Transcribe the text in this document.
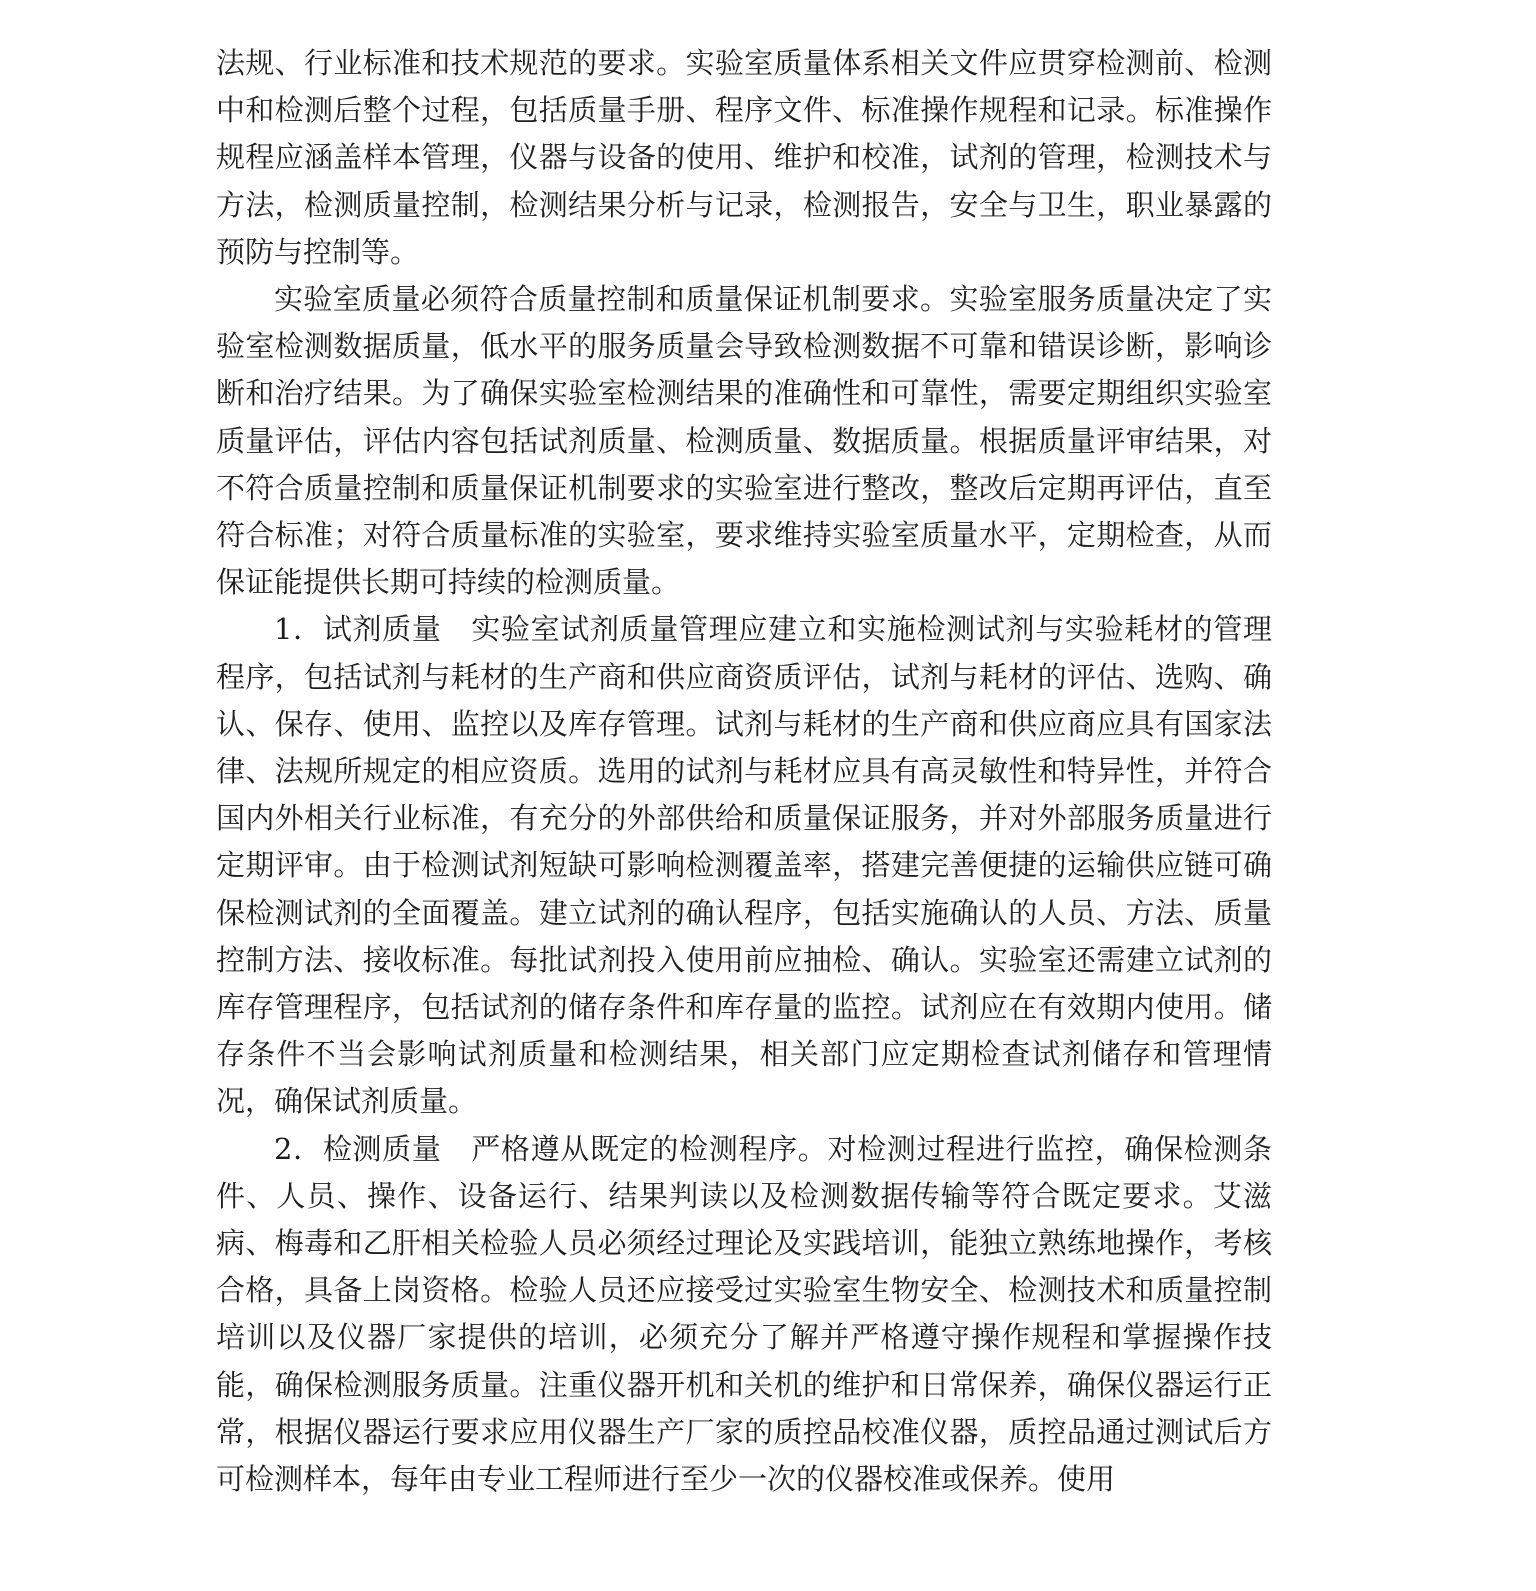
法规、行业标准和技术规范的要求。实验室质量体系相关文件应贯穿检测前、检测中和检测后整个过程，包括质量手册、程序文件、标准操作规程和记录。标准操作规程应涵盖样本管理，仪器与设备的使用、维护和校准，试剂的管理，检测技术与方法，检测质量控制，检测结果分析与记录，检测报告，安全与卫生，职业暴露的预防与控制等。

实验室质量必须符合质量控制和质量保证机制要求。实验室服务质量决定了实验室检测数据质量，低水平的服务质量会导致检测数据不可靠和错误诊断，影响诊断和治疗结果。为了确保实验室检测结果的准确性和可靠性，需要定期组织实验室质量评估，评估内容包括试剂质量、检测质量、数据质量。根据质量评审结果，对不符合质量控制和质量保证机制要求的实验室进行整改，整改后定期再评估，直至符合标准；对符合质量标准的实验室，要求维持实验室质量水平，定期检查，从而保证能提供长期可持续的检测质量。

1．试剂质量 实验室试剂质量管理应建立和实施检测试剂与实验耗材的管理程序，包括试剂与耗材的生产商和供应商资质评估，试剂与耗材的评估、选购、确认、保存、使用、监控以及库存管理。试剂与耗材的生产商和供应商应具有国家法律、法规所规定的相应资质。选用的试剂与耗材应具有高灵敏性和特异性，并符合国内外相关行业标准，有充分的外部供给和质量保证服务，并对外部服务质量进行定期评审。由于检测试剂短缺可影响检测覆盖率，搭建完善便捷的运输供应链可确保检测试剂的全面覆盖。建立试剂的确认程序，包括实施确认的人员、方法、质量控制方法、接收标准。每批试剂投入使用前应抽检、确认。实验室还需建立试剂的库存管理程序，包括试剂的储存条件和库存量的监控。试剂应在有效期内使用。储存条件不当会影响试剂质量和检测结果，相关部门应定期检查试剂储存和管理情况，确保试剂质量。

2．检测质量 严格遵从既定的检测程序。对检测过程进行监控，确保检测条件、人员、操作、设备运行、结果判读以及检测数据传输等符合既定要求。艾滋病、梅毒和乙肝相关检验人员必须经过理论及实践培训，能独立熟练地操作，考核合格，具备上岗资格。检验人员还应接受过实验室生物安全、检测技术和质量控制培训以及仪器厂家提供的培训，必须充分了解并严格遵守操作规程和掌握操作技能，确保检测服务质量。注重仪器开机和关机的维护和日常保养，确保仪器运行正常，根据仪器运行要求应用仪器生产厂家的质控品校准仪器，质控品通过测试后方可检测样本，每年由专业工程师进行至少一次的仪器校准或保养。使用
